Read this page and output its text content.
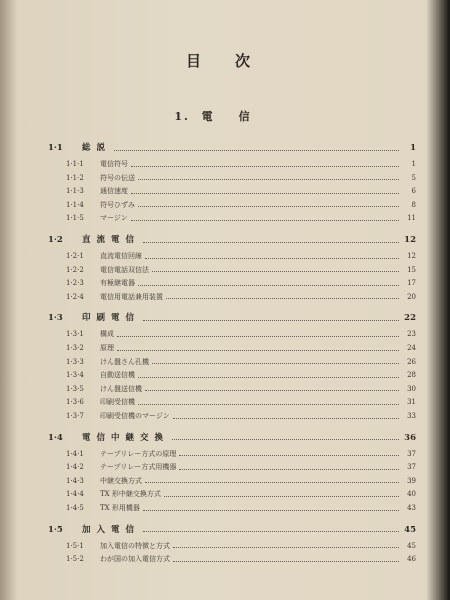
目次
1. 電信
1·1	総説	1
1·1·1	電信符号	1
1·1·2	符号の伝送	5
1·1·3	通信速度	6
1·1·4	符号ひずみ	8
1·1·5	マージン	11
1·2	直流電信	12
1·2·1	直流電信回線	12
1·2·2	電信電話双信法	15
1·2·3	有極継電器	17
1·2·4	電信用電話兼用装置	20
1·3	印刷電信	22
1·3·1	構成	23
1·3·2	原理	24
1·3·3	けん盤さん孔機	26
1·3·4	自動送信機	28
1·3·5	けん盤送信機	30
1·3·6	印刷受信機	31
1·3·7	印刷受信機のマージン	33
1·4	電信中継交換	36
1·4·1	テープリレー方式の原理	37
1·4·2	テープリレー方式用機器	37
1·4·3	中継交換方式	39
1·4·4	TX 形中継交換方式	40
1·4·5	TX 形用機器	43
1·5	加入電信	45
1·5·1	加入電信の特徴と方式	45
1·5·2	わが国の加入電信方式	46
